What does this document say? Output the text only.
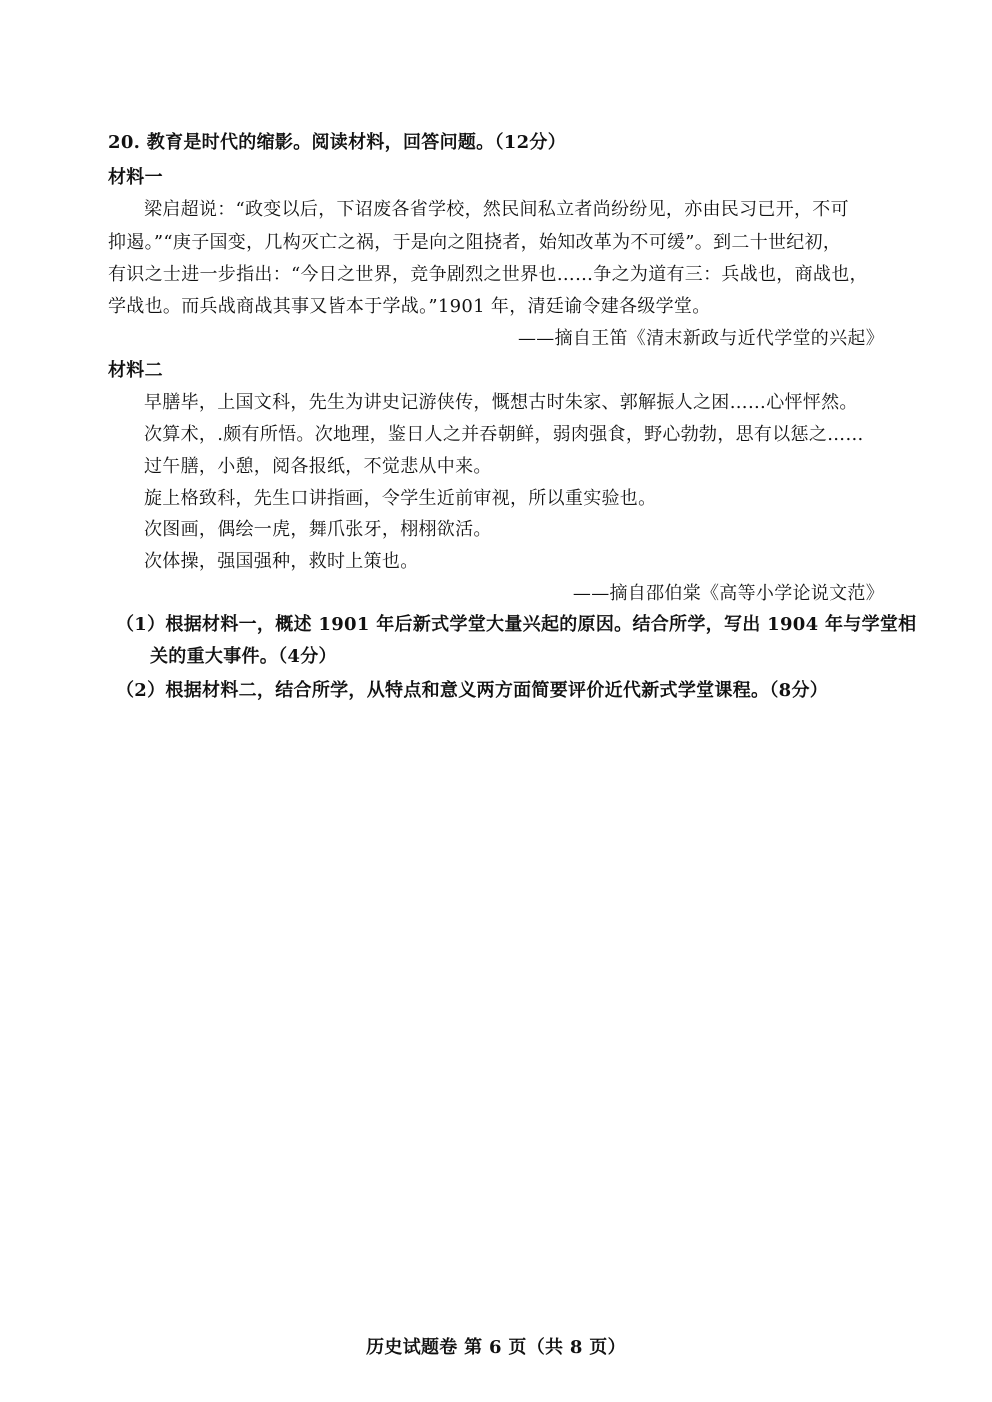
20. 教育是时代的缩影。阅读材料，回答问题。（12分）
材料一
梁启超说：“政变以后，下诏废各省学校，然民间私立者尚纷纷见，亦由民习已开，不可
抑遏。”“庚子国变，几构灭亡之祸，于是向之阻挠者，始知改革为不可缓”。到二十世纪初，
有识之士进一步指出：“今日之世界，竞争剧烈之世界也……争之为道有三：兵战也，商战也，
学战也。而兵战商战其事又皆本于学战。”1901 年，清廷谕令建各级学堂。
——摘自王笛《清末新政与近代学堂的兴起》
材料二
早膳毕，上国文科，先生为讲史记游侠传，慨想古时朱家、郭解振人之困……心怦怦然。
次算术，.颇有所悟。次地理，鉴日人之并吞朝鲜，弱肉强食，野心勃勃，思有以惩之……
过午膳，小憩，阅各报纸，不觉悲从中来。
旋上格致科，先生口讲指画，令学生近前审视，所以重实验也。
次图画，偶绘一虎，舞爪张牙，栩栩欲活。
次体操，强国强种，救时上策也。
——摘自邵伯棠《高等小学论说文范》
（1）根据材料一，概述 1901 年后新式学堂大量兴起的原因。结合所学，写出 1904 年与学堂相
关的重大事件。（4分）
（2）根据材料二，结合所学，从特点和意义两方面简要评价近代新式学堂课程。（8分）
历史试题卷 第 6 页（共 8 页）
